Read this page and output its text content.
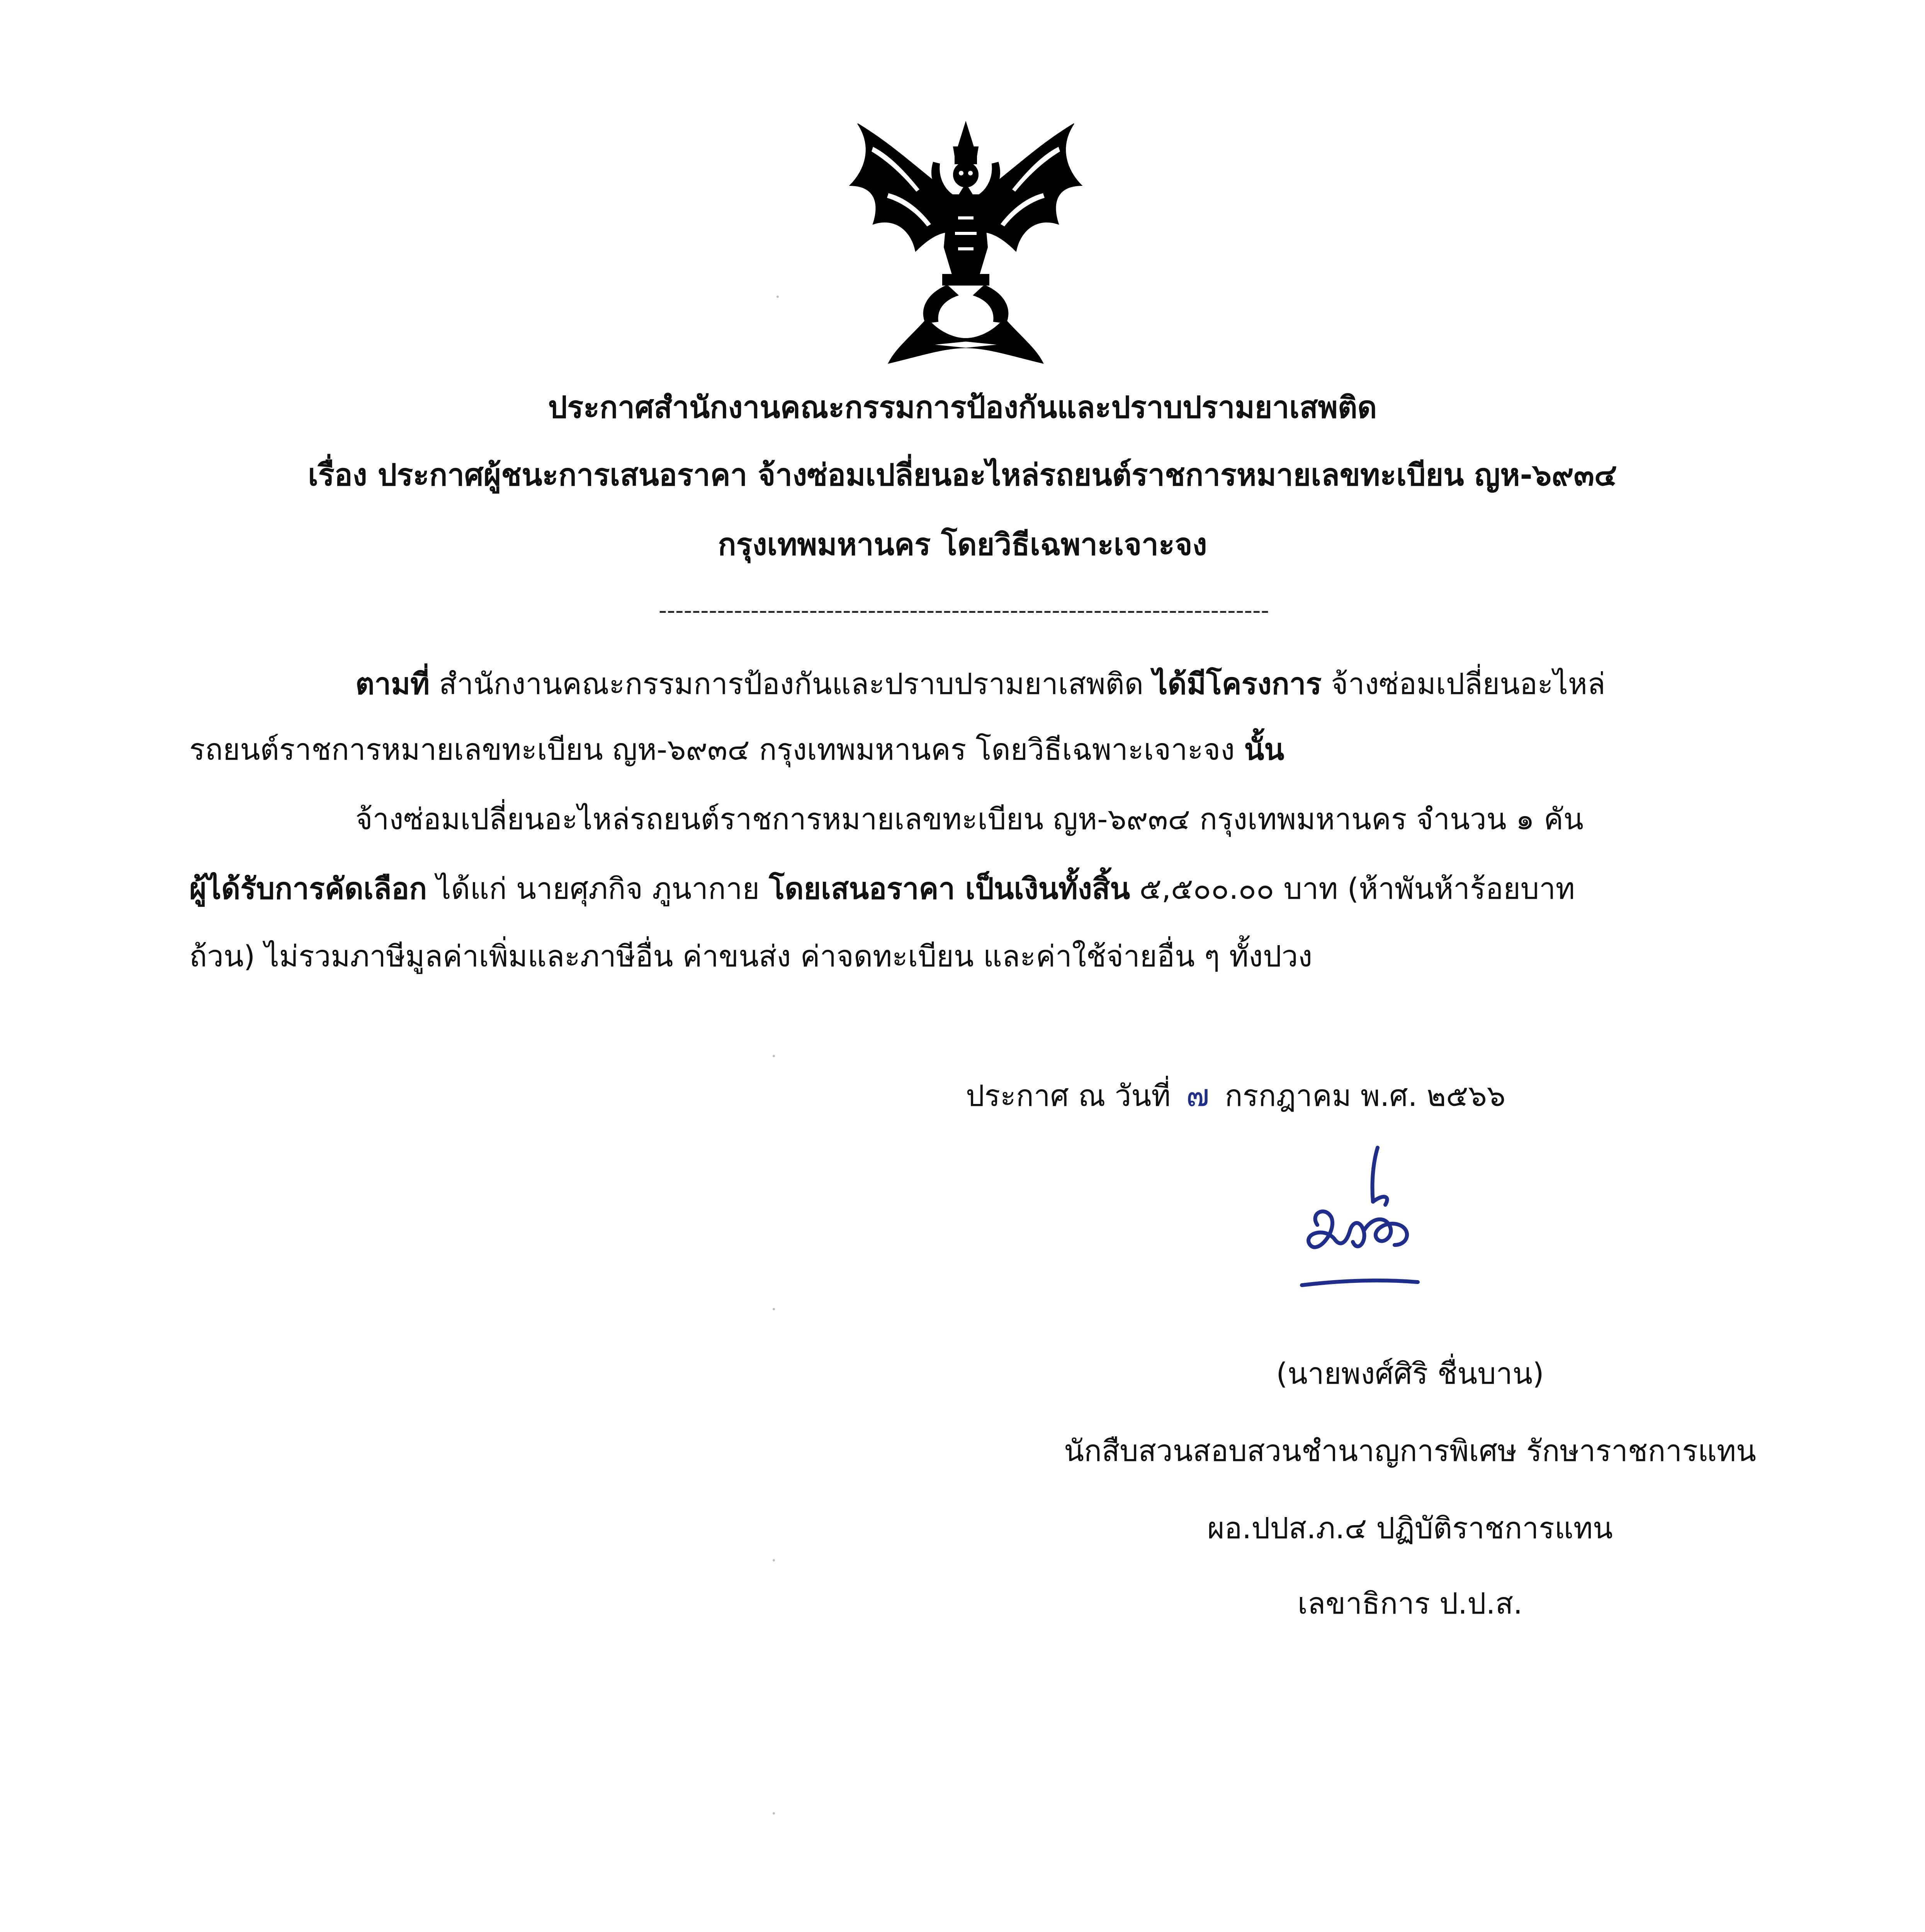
ประกาศสำนักงานคณะกรรมการป้องกันและปราบปรามยาเสพติด
เรื่อง ประกาศผู้ชนะการเสนอราคา จ้างซ่อมเปลี่ยนอะไหล่รถยนต์ราชการหมายเลขทะเบียน ญห-๖๙๓๔
กรุงเทพมหานคร โดยวิธีเฉพาะเจาะจง
-------------------------------------------------------------------------
ตามที่ สำนักงานคณะกรรมการป้องกันและปราบปรามยาเสพติด ได้มีโครงการ จ้างซ่อมเปลี่ยนอะไหล่
รถยนต์ราชการหมายเลขทะเบียน ญห-๖๙๓๔ กรุงเทพมหานคร โดยวิธีเฉพาะเจาะจง นั้น
จ้างซ่อมเปลี่ยนอะไหล่รถยนต์ราชการหมายเลขทะเบียน ญห-๖๙๓๔ กรุงเทพมหานคร จำนวน ๑ คัน
ผู้ได้รับการคัดเลือก ได้แก่ นายศุภกิจ ภูนากาย โดยเสนอราคา เป็นเงินทั้งสิ้น ๕,๕๐๐.๐๐ บาท (ห้าพันห้าร้อยบาท
ถ้วน) ไม่รวมภาษีมูลค่าเพิ่มและภาษีอื่น ค่าขนส่ง ค่าจดทะเบียน และค่าใช้จ่ายอื่น ๆ ทั้งปวง
ประกาศ ณ วันที่ ๗ กรกฎาคม พ.ศ. ๒๕๖๖
(นายพงศ์ศิริ ชื่นบาน)
นักสืบสวนสอบสวนชำนาญการพิเศษ รักษาราชการแทน
ผอ.ปปส.ภ.๔ ปฏิบัติราชการแทน
เลขาธิการ ป.ป.ส.
